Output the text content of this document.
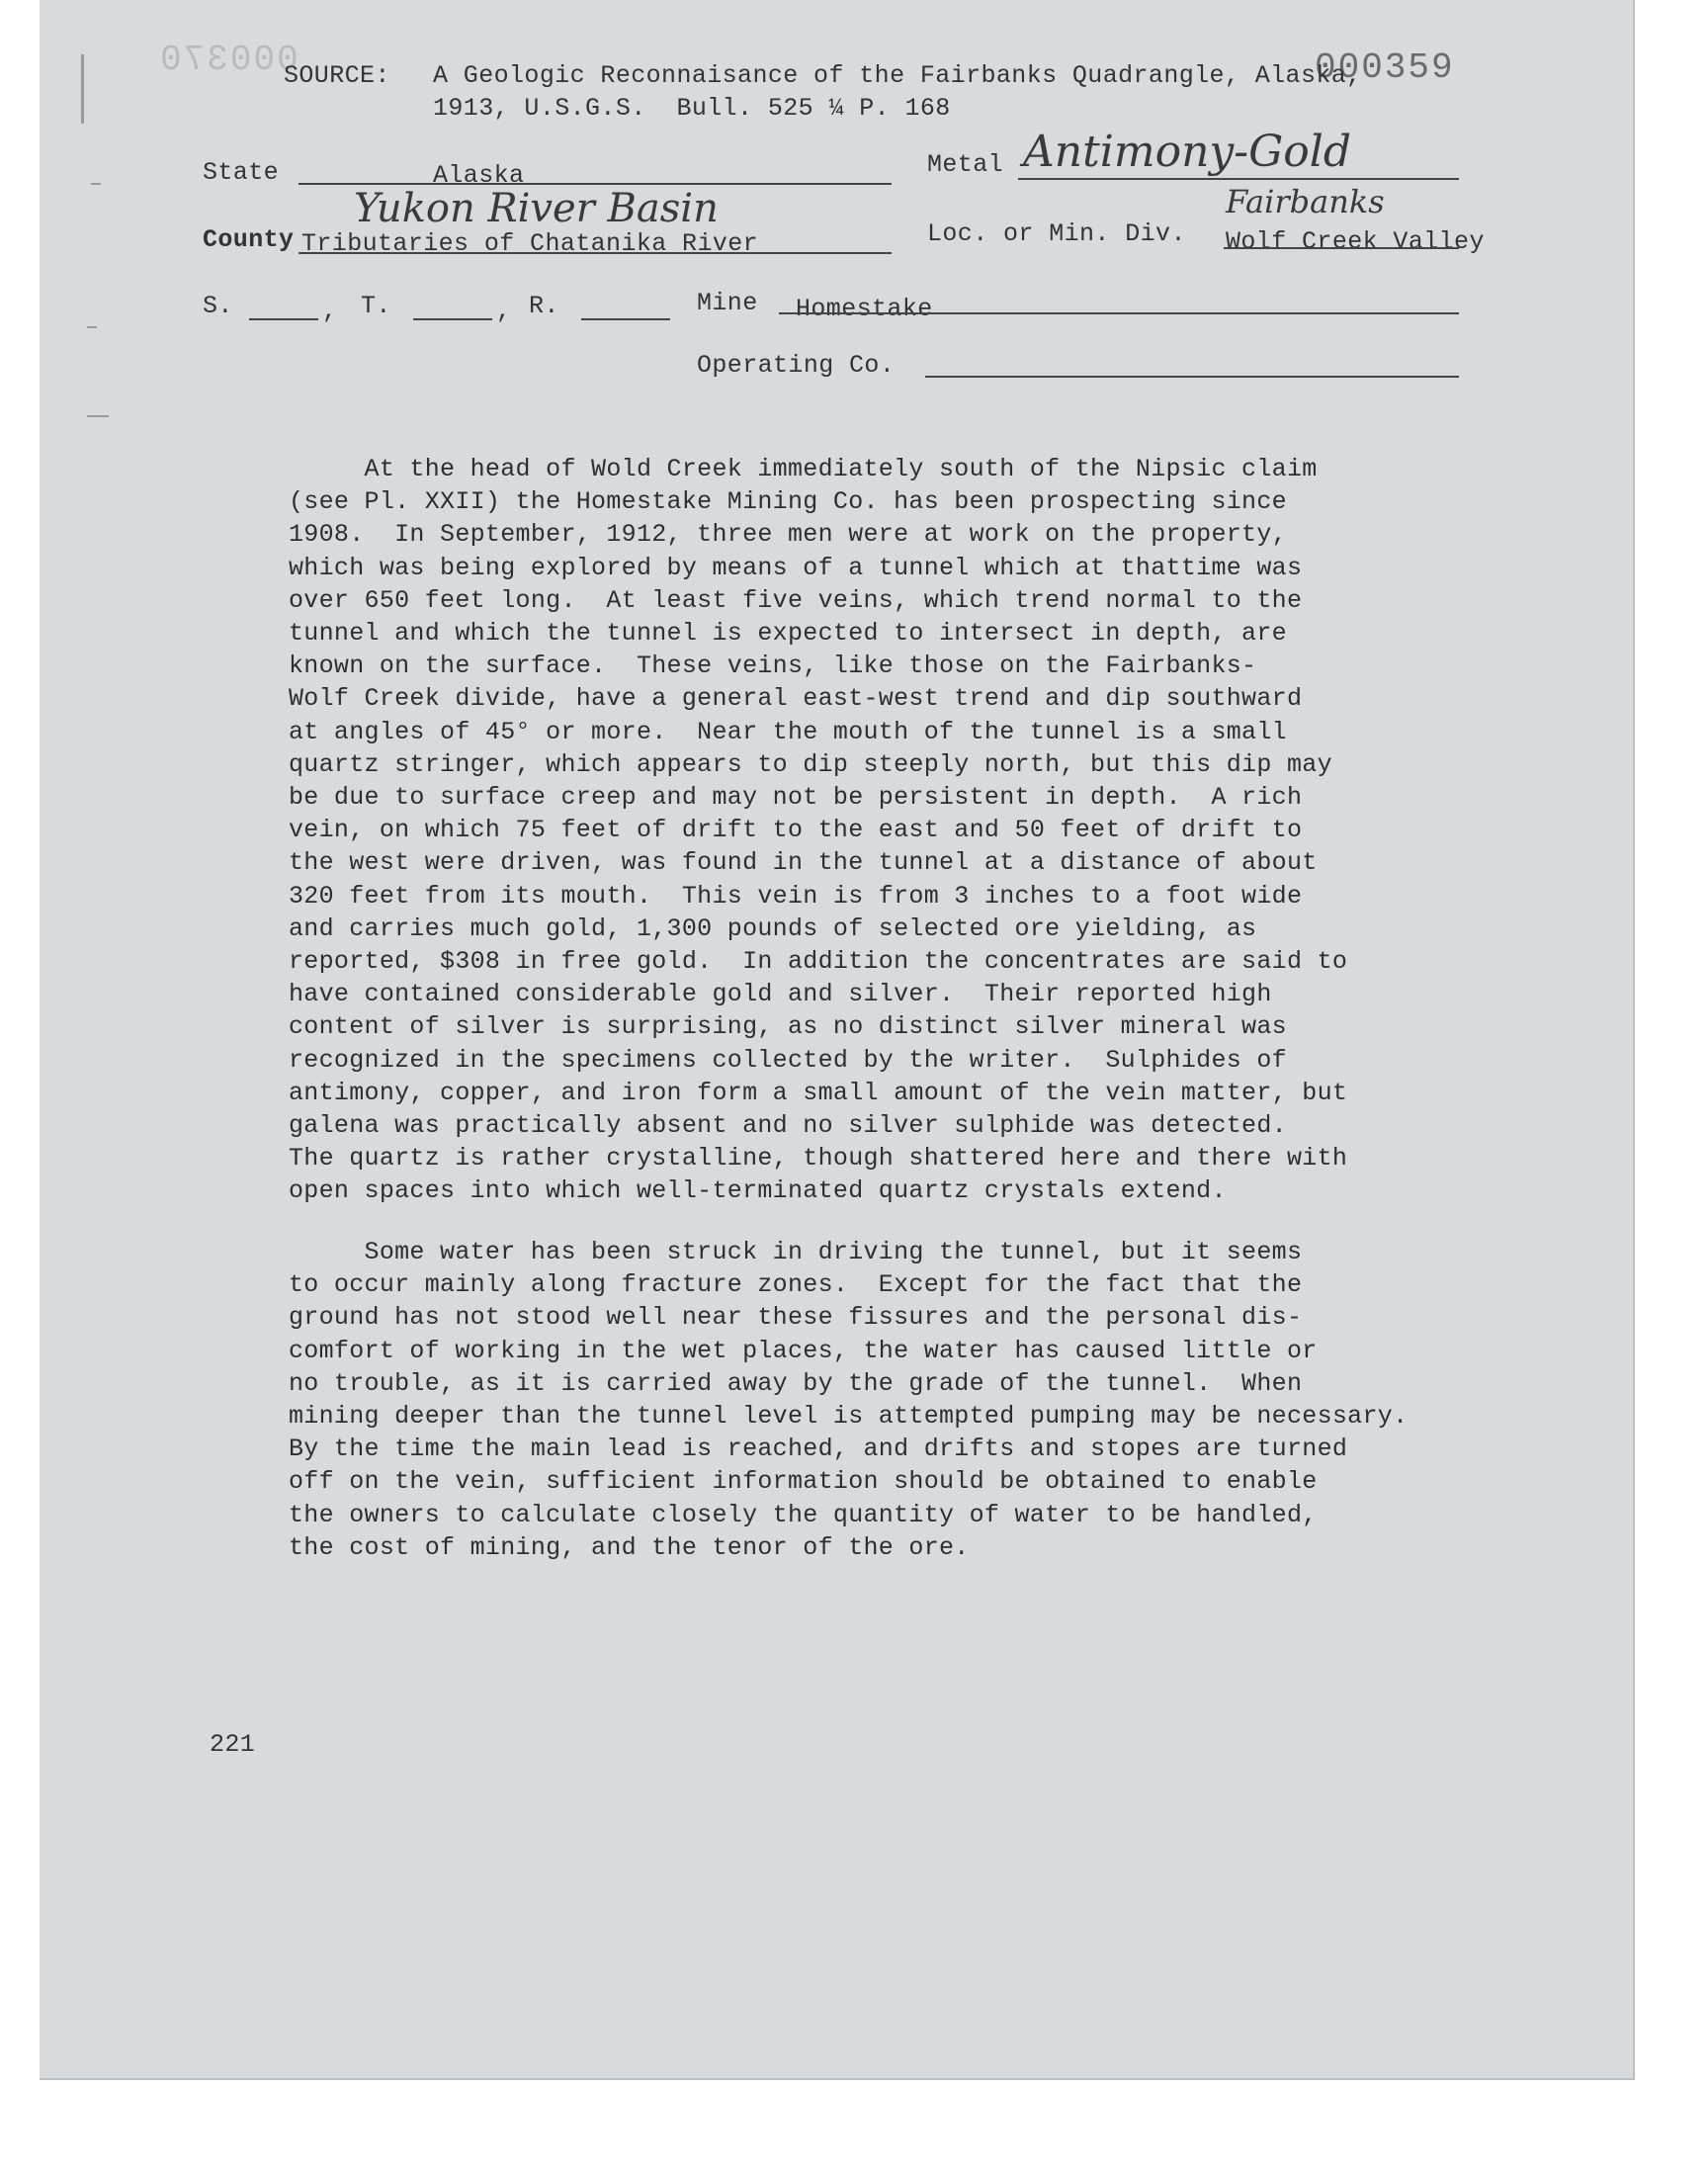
000370	000359
SOURCE: A Geologic Reconnaisance of the Fairbanks Quadrangle, Alaska,
1913, U.S.G.S.  Bull. 525 ¼ P. 168
State	Alaska	Metal Antimony-Gold
Yukon River Basin
County Tributaries of Chatanika River
Fairbanks
Loc. or Min. Div. Wolf Creek Valley
S.	, T.	, R.	Mine Homestake
Operating Co.
At the head of Wold Creek immediately south of the Nipsic claim
(see Pl. XXII) the Homestake Mining Co. has been prospecting since
1908.  In September, 1912, three men were at work on the property,
which was being explored by means of a tunnel which at thattime was
over 650 feet long.  At least five veins, which trend normal to the
tunnel and which the tunnel is expected to intersect in depth, are
known on the surface.  These veins, like those on the Fairbanks-
Wolf Creek divide, have a general east-west trend and dip southward
at angles of 45° or more.  Near the mouth of the tunnel is a small
quartz stringer, which appears to dip steeply north, but this dip may
be due to surface creep and may not be persistent in depth.  A rich
vein, on which 75 feet of drift to the east and 50 feet of drift to
the west were driven, was found in the tunnel at a distance of about
320 feet from its mouth.  This vein is from 3 inches to a foot wide
and carries much gold, 1,300 pounds of selected ore yielding, as
reported, $308 in free gold.  In addition the concentrates are said to
have contained considerable gold and silver.  Their reported high
content of silver is surprising, as no distinct silver mineral was
recognized in the specimens collected by the writer.  Sulphides of
antimony, copper, and iron form a small amount of the vein matter, but
galena was practically absent and no silver sulphide was detected.
The quartz is rather crystalline, though shattered here and there with
open spaces into which well-terminated quartz crystals extend.
Some water has been struck in driving the tunnel, but it seems
to occur mainly along fracture zones.  Except for the fact that the
ground has not stood well near these fissures and the personal dis-
comfort of working in the wet places, the water has caused little or
no trouble, as it is carried away by the grade of the tunnel.  When
mining deeper than the tunnel level is attempted pumping may be necessary.
By the time the main lead is reached, and drifts and stopes are turned
off on the vein, sufficient information should be obtained to enable
the owners to calculate closely the quantity of water to be handled,
the cost of mining, and the tenor of the ore.
221
